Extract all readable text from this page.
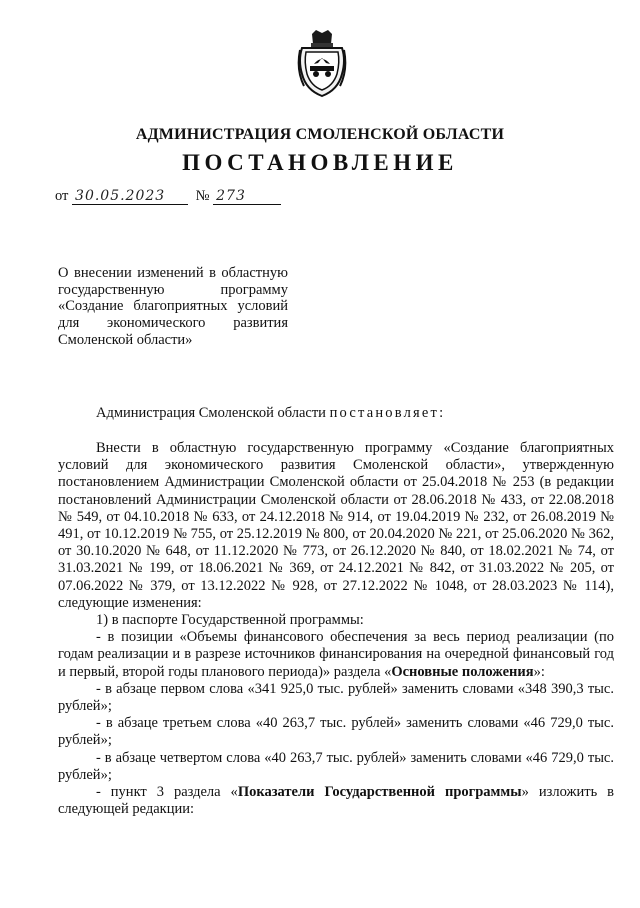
АДМИНИСТРАЦИЯ СМОЛЕНСКОЙ ОБЛАСТИ
ПОСТАНОВЛЕНИЕ
от 30.05.2023 № 273
О внесении изменений в областную государственную программу «Создание благоприятных условий для экономического развития Смоленской области»
Администрация Смоленской области постановляет:

Внести в областную государственную программу «Создание благоприятных условий для экономического развития Смоленской области», утвержденную постановлением Администрации Смоленской области от 25.04.2018 № 253 (в редакции постановлений Администрации Смоленской области от 28.06.2018 № 433, от 22.08.2018 № 549, от 04.10.2018 № 633, от 24.12.2018 № 914, от 19.04.2019 № 232, от 26.08.2019 № 491, от 10.12.2019 № 755, от 25.12.2019 № 800, от 20.04.2020 № 221, от 25.06.2020 № 362, от 30.10.2020 № 648, от 11.12.2020 № 773, от 26.12.2020 № 840, от 18.02.2021 № 74, от 31.03.2021 № 199, от 18.06.2021 № 369, от 24.12.2021 № 842, от 31.03.2022 № 205, от 07.06.2022 № 379, от 13.12.2022 № 928, от 27.12.2022 № 1048, от 28.03.2023 № 114), следующие изменения:

1) в паспорте Государственной программы:

- в позиции «Объемы финансового обеспечения за весь период реализации (по годам реализации и в разрезе источников финансирования на очередной финансовый год и первый, второй годы планового периода)» раздела «Основные положения»:

- в абзаце первом слова «341 925,0 тыс. рублей» заменить словами «348 390,3 тыс. рублей»;

- в абзаце третьем слова «40 263,7 тыс. рублей» заменить словами «46 729,0 тыс. рублей»;

- в абзаце четвертом слова «40 263,7 тыс. рублей» заменить словами «46 729,0 тыс. рублей»;

- пункт 3 раздела «Показатели Государственной программы» изложить в следующей редакции:
